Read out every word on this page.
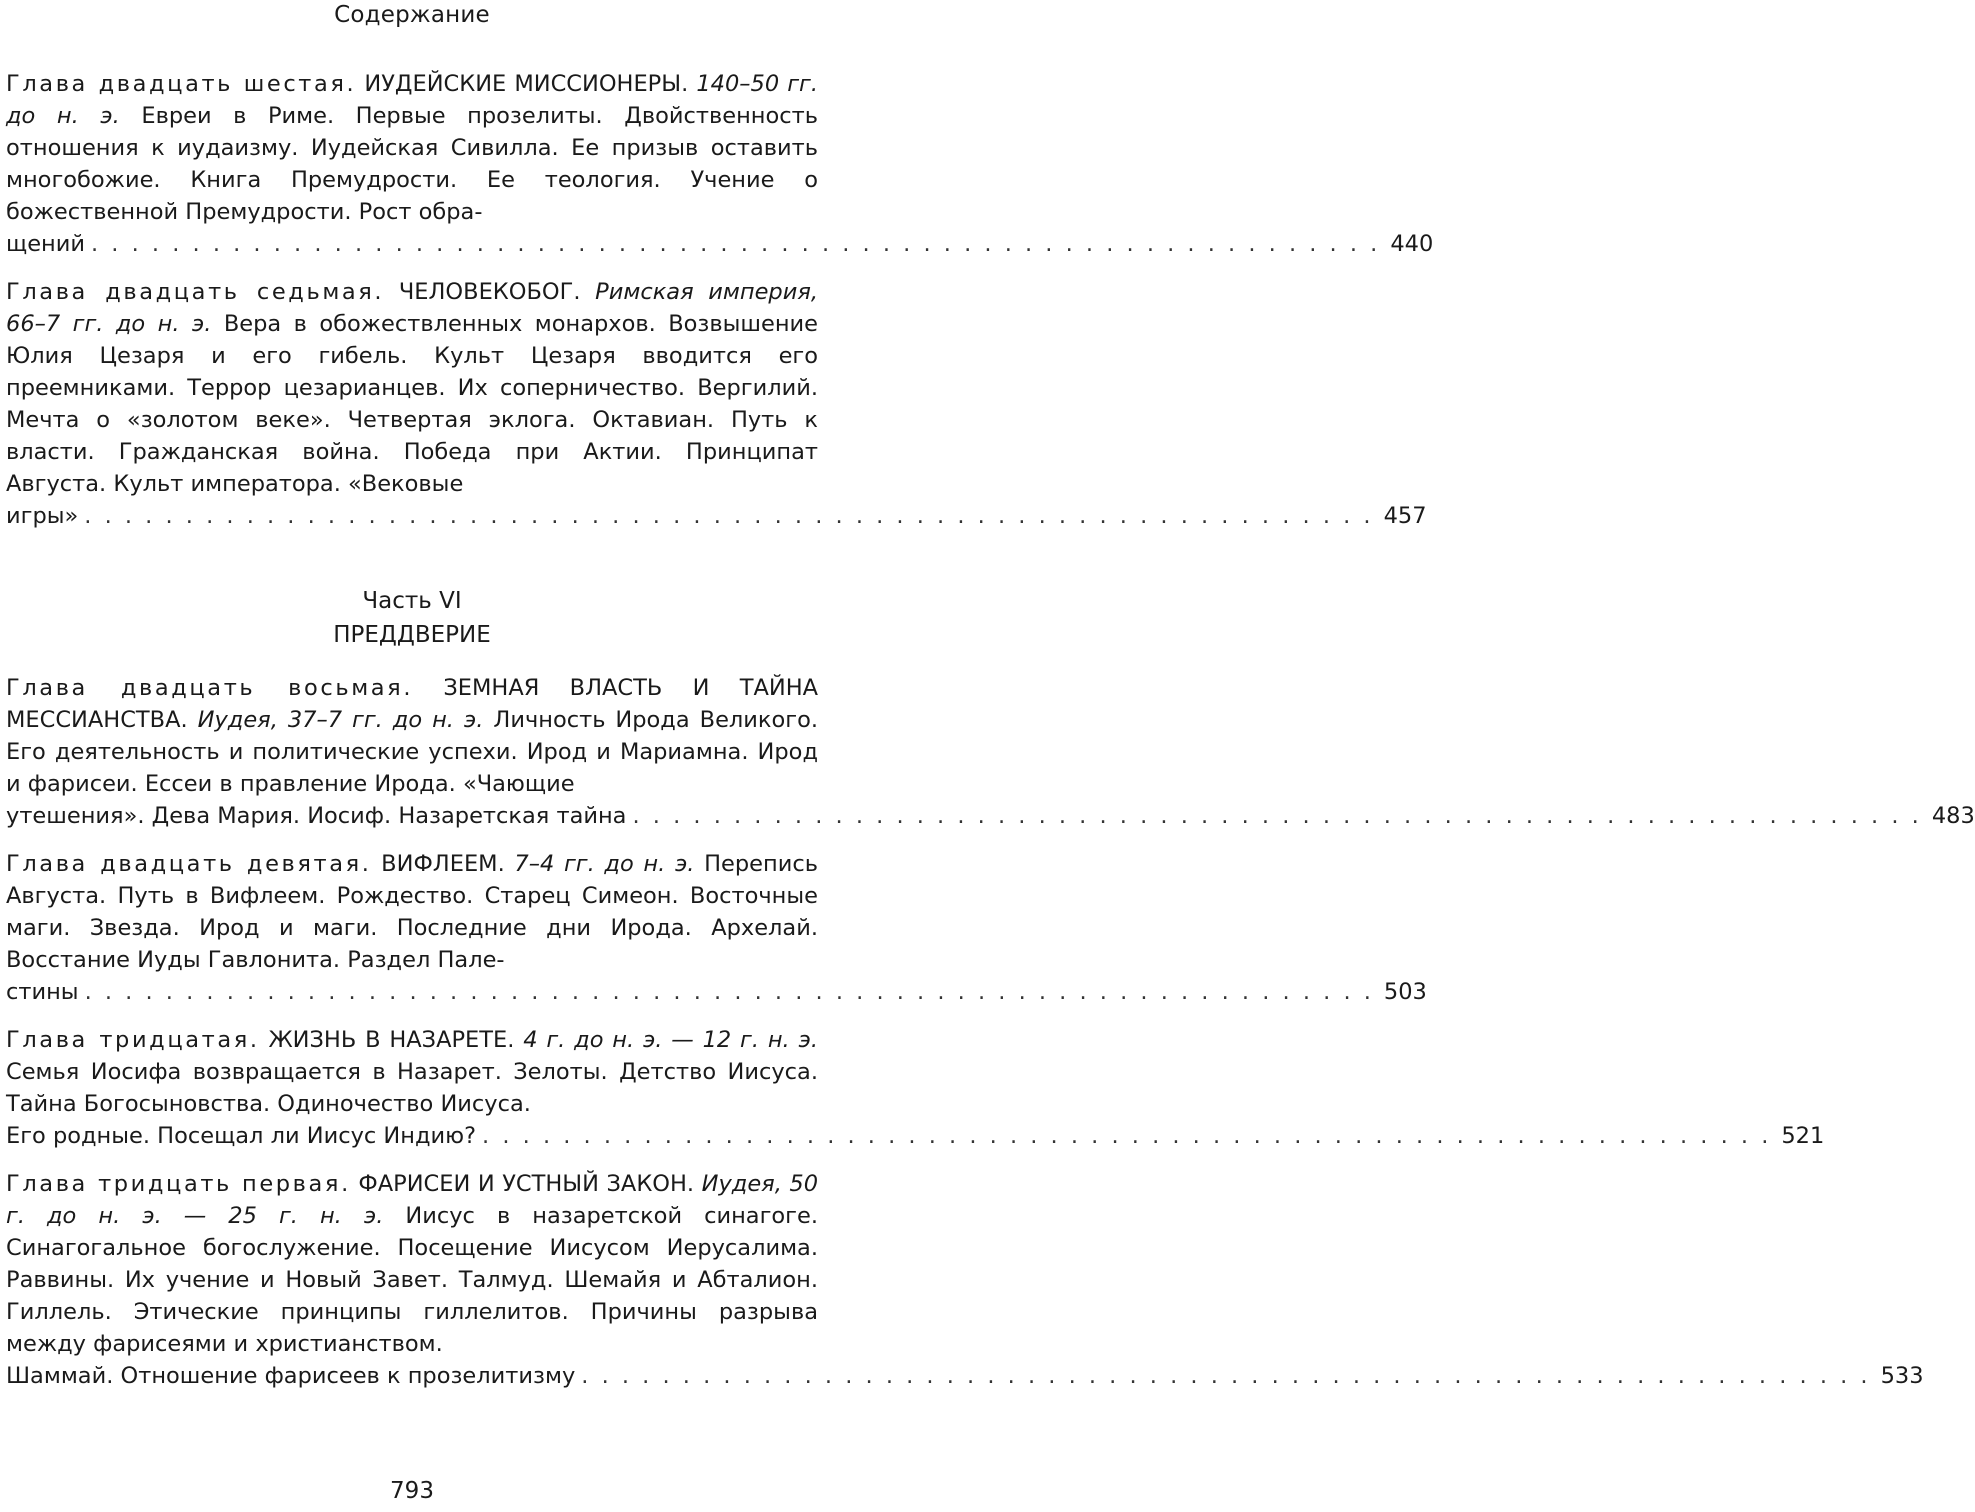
Содержание
Глава двадцать шестая. ИУДЕЙСКИЕ МИССИОНЕРЫ. 140–50 гг. до н. э. Евреи в Риме. Первые прозелиты. Двойственность отношения к иудаизму. Иудейская Сивилла. Ее призыв оставить многобожие. Книга Премудрости. Ее теология. Учение о божественной Премудрости. Рост обра-
щений . . . . . . . . . . . . . . . . . . . . . . . . . . . . . . . . . . . . . . . . . . . . . . . . . . . . . . . . . . . . . . . . 440
Глава двадцать седьмая. ЧЕЛОВЕКОБОГ. Римская империя, 66–7 гг. до н. э. Вера в обожествленных монархов. Возвышение Юлия Цезаря и его гибель. Культ Цезаря вводится его преемниками. Террор цезарианцев. Их соперничество. Вергилий. Мечта о «золотом веке». Четвертая эклога. Октавиан. Путь к власти. Гражданская война. Победа при Актии. Принципат Августа. Культ императора. «Вековые
игры» . . . . . . . . . . . . . . . . . . . . . . . . . . . . . . . . . . . . . . . . . . . . . . . . . . . . . . . . . . . . . . . . 457
Часть VI
ПРЕДДВЕРИЕ
Глава двадцать восьмая. ЗЕМНАЯ ВЛАСТЬ И ТАЙНА МЕССИАНСТВА. Иудея, 37–7 гг. до н. э. Личность Ирода Великого. Его деятельность и политические успехи. Ирод и Мариамна. Ирод и фарисеи. Ессеи в правление Ирода. «Чающие
утешения». Дева Мария. Иосиф. Назаретская тайна . . . . . . . . . . . . . . . . . . . . . . . . . . . . . . . . . . . . . . . . . . . . . . . . . . . . . . . . . . . . . . . . 483
Глава двадцать девятая. ВИФЛЕЕМ. 7–4 гг. до н. э. Перепись Августа. Путь в Вифлеем. Рождество. Старец Симеон. Восточные маги. Звезда. Ирод и маги. Последние дни Ирода. Архелай. Восстание Иуды Гавлонита. Раздел Пале-
стины . . . . . . . . . . . . . . . . . . . . . . . . . . . . . . . . . . . . . . . . . . . . . . . . . . . . . . . . . . . . . . . . 503
Глава тридцатая. ЖИЗНЬ В НАЗАРЕТЕ. 4 г. до н. э. — 12 г. н. э. Семья Иосифа возвращается в Назарет. Зелоты. Детство Иисуса. Тайна Богосыновства. Одиночество Иисуса.
Его родные. Посещал ли Иисус Индию? . . . . . . . . . . . . . . . . . . . . . . . . . . . . . . . . . . . . . . . . . . . . . . . . . . . . . . . . . . . . . . . . 521
Глава тридцать первая. ФАРИСЕИ И УСТНЫЙ ЗАКОН. Иудея, 50 г. до н. э. — 25 г. н. э. Иисус в назаретской синагоге. Синагогальное богослужение. Посещение Иисусом Иерусалима. Раввины. Их учение и Новый Завет. Талмуд. Шемайя и Абталион. Гиллель. Этические принципы гиллелитов. Причины разрыва между фарисеями и христианством.
Шаммай. Отношение фарисеев к прозелитизму . . . . . . . . . . . . . . . . . . . . . . . . . . . . . . . . . . . . . . . . . . . . . . . . . . . . . . . . . . . . . . . . 533
793
